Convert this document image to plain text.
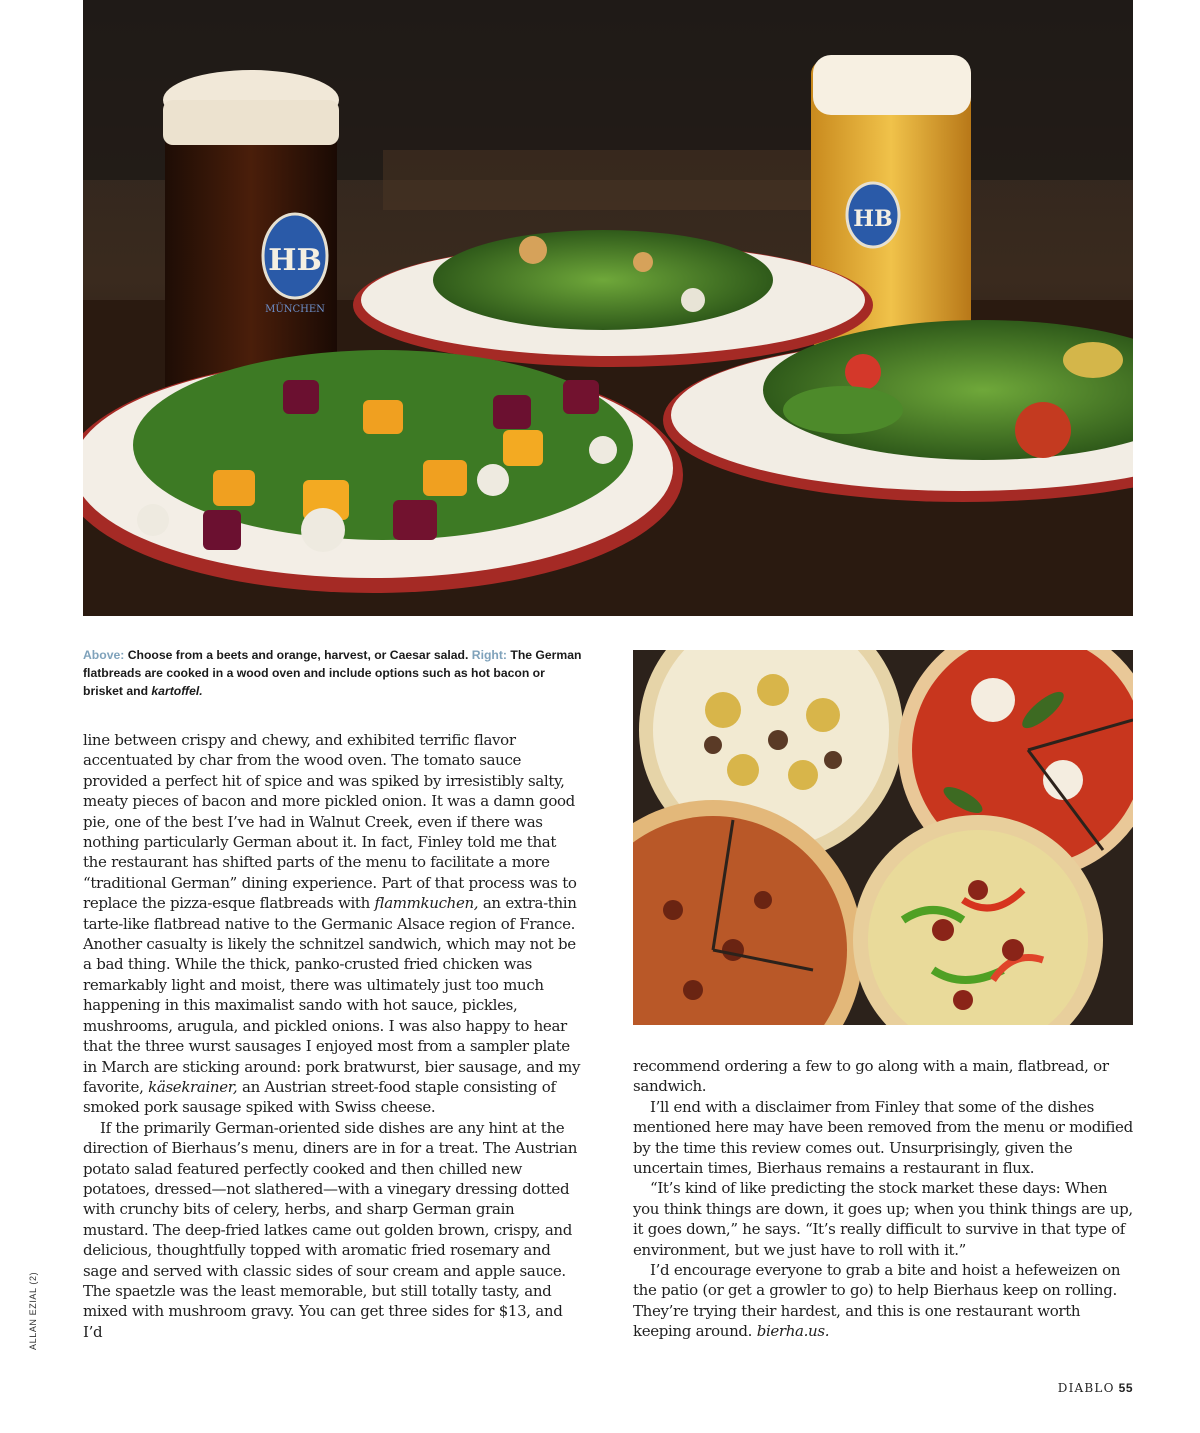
HB
MÜNCHEN
HB
Above: Choose from a beets and orange, harvest, or Caesar salad. Right: The German flatbreads are cooked in a wood oven and include options such as hot bacon or brisket and kartoffel.

line between crispy and chewy, and exhibited terrific flavor accentuated by char from the wood oven. The tomato sauce provided a perfect hit of spice and was spiked by irresistibly salty, meaty pieces of bacon and more pickled onion. It was a damn good pie, one of the best I’ve had in Walnut Creek, even if there was nothing particularly German about it. In fact, Finley told me that the restaurant has shifted parts of the menu to facilitate a more “traditional German” dining experience. Part of that process was to replace the pizza-esque flatbreads with flammkuchen, an extra-thin tarte-like flatbread native to the Germanic Alsace region of France. Another casualty is likely the schnitzel sandwich, which may not be a bad thing. While the thick, panko-crusted fried chicken was remarkably light and moist, there was ultimately just too much happening in this maximalist sando with hot sauce, pickles, mushrooms, arugula, and pickled onions. I was also happy to hear that the three wurst sausages I enjoyed most from a sampler plate in March are sticking around: pork bratwurst, bier sausage, and my favorite, käsekrainer, an Austrian street-food staple consisting of smoked pork sausage spiked with Swiss cheese.

If the primarily German-oriented side dishes are any hint at the direction of Bierhaus’s menu, diners are in for a treat. The Austrian potato salad featured perfectly cooked and then chilled new potatoes, dressed—not slathered—with a vinegary dressing dotted with crunchy bits of celery, herbs, and sharp German grain mustard. The deep-fried latkes came out golden brown, crispy, and delicious, thoughtfully topped with aromatic fried rosemary and sage and served with classic sides of sour cream and apple sauce. The spaetzle was the least memorable, but still totally tasty, and mixed with mushroom gravy. You can get three sides for $13, and I’d

recommend ordering a few to go along with a main, flatbread, or sandwich.

I’ll end with a disclaimer from Finley that some of the dishes mentioned here may have been removed from the menu or modified by the time this review comes out. Unsurprisingly, given the uncertain times, Bierhaus remains a restaurant in flux.

“It’s kind of like predicting the stock market these days: When you think things are down, it goes up; when you think things are up, it goes down,” he says. “It’s really difficult to survive in that type of environment, but we just have to roll with it.”

I’d encourage everyone to grab a bite and hoist a hefeweizen on the patio (or get a growler to go) to help Bierhaus keep on rolling. They’re trying their hardest, and this is one restaurant worth keeping around. bierha.us.

ALLAN EZIAL (2)
DIABLO 55
